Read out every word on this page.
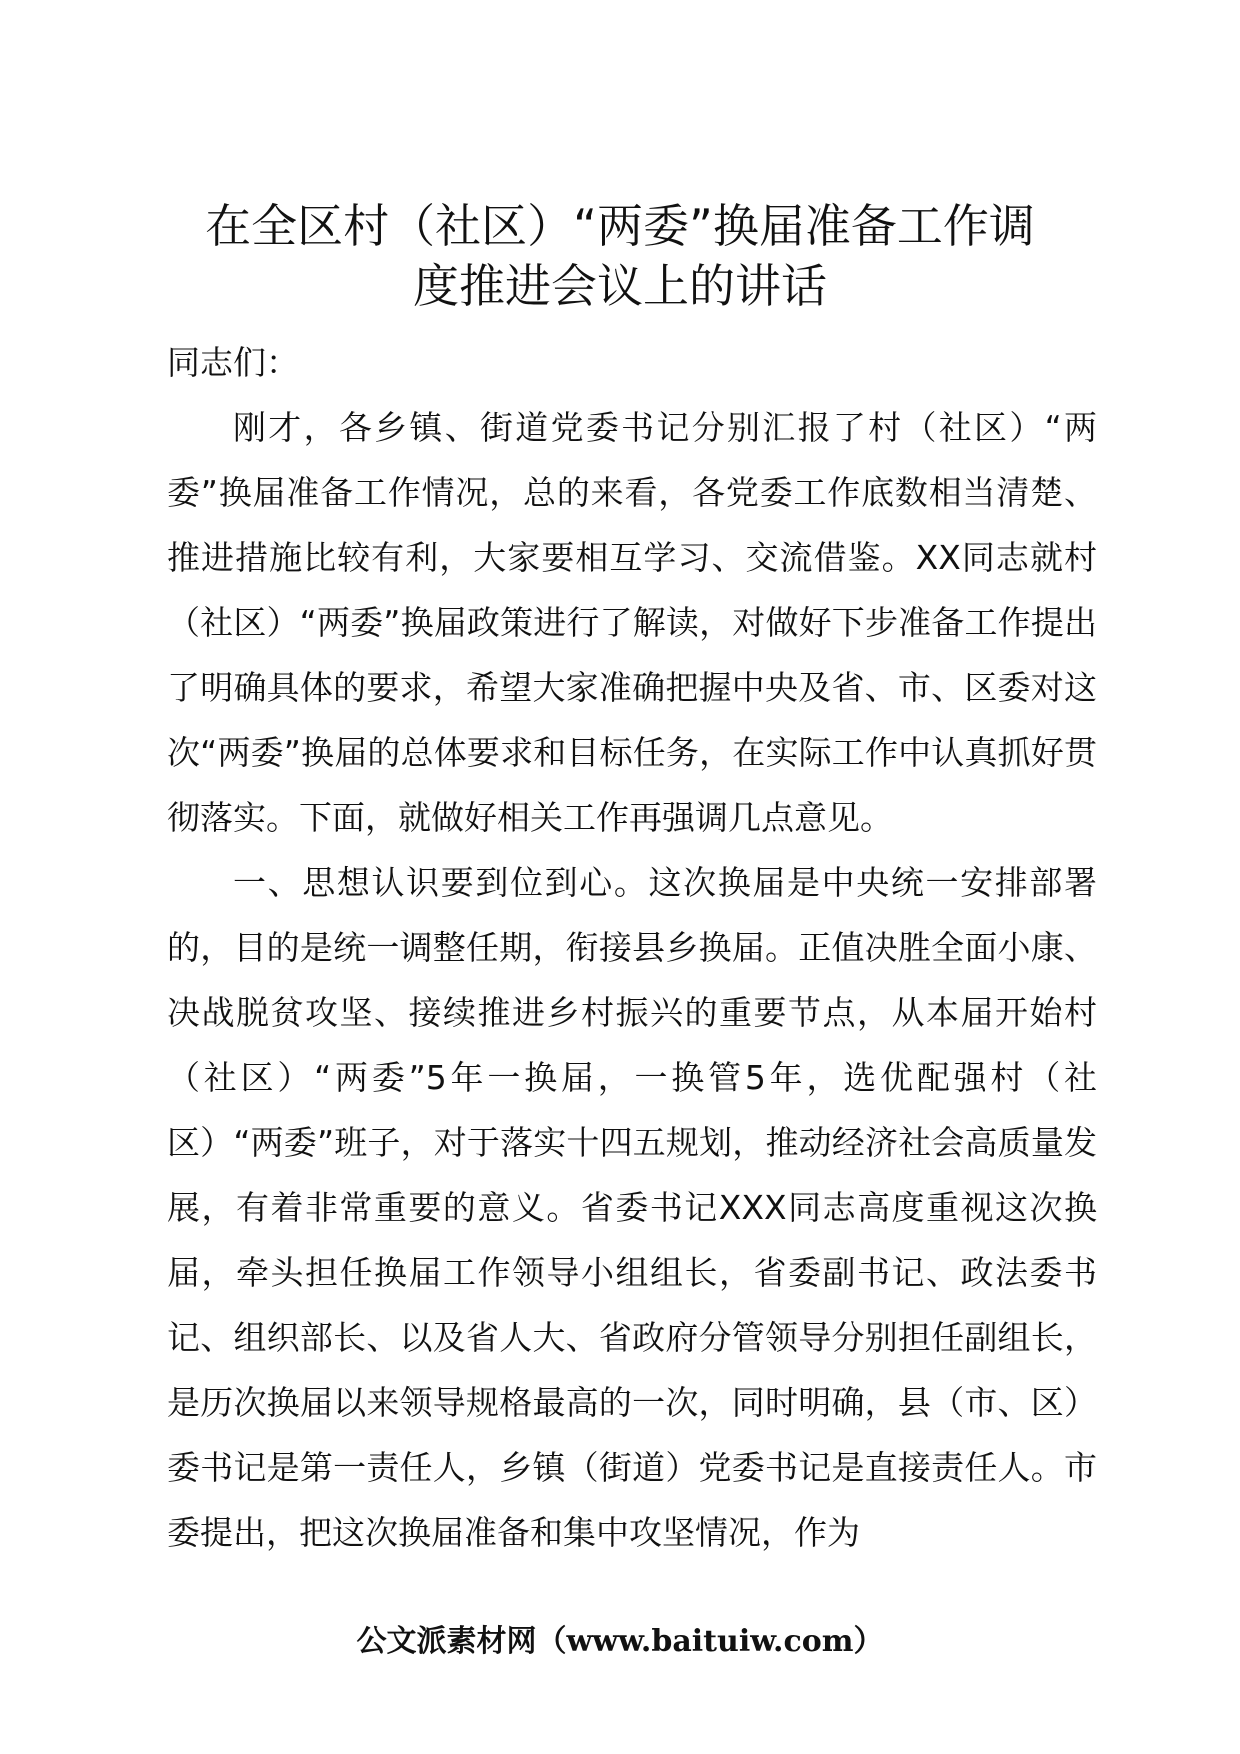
在全区村（社区）“两委”换届准备工作调
度推进会议上的讲话

同志们：

刚才，各乡镇、街道党委书记分别汇报了村（社区）“两委”换届准备工作情况，总的来看，各党委工作底数相当清楚、推进措施比较有利，大家要相互学习、交流借鉴。XX同志就村（社区）“两委”换届政策进行了解读，对做好下步准备工作提出了明确具体的要求，希望大家准确把握中央及省、市、区委对这次“两委”换届的总体要求和目标任务，在实际工作中认真抓好贯彻落实。下面，就做好相关工作再强调几点意见。

一、思想认识要到位到心。这次换届是中央统一安排部署的，目的是统一调整任期，衔接县乡换届。正值决胜全面小康、决战脱贫攻坚、接续推进乡村振兴的重要节点，从本届开始村（社区）“两委”5年一换届，一换管5年，选优配强村（社区）“两委”班子，对于落实十四五规划，推动经济社会高质量发展，有着非常重要的意义。省委书记XXX同志高度重视这次换届，牵头担任换届工作领导小组组长，省委副书记、政法委书记、组织部长、以及省人大、省政府分管领导分别担任副组长，是历次换届以来领导规格最高的一次，同时明确，县（市、区）委书记是第一责任人，乡镇（街道）党委书记是直接责任人。市委提出，把这次换届准备和集中攻坚情况，作为

公文派素材网（www.baituiw.com）
